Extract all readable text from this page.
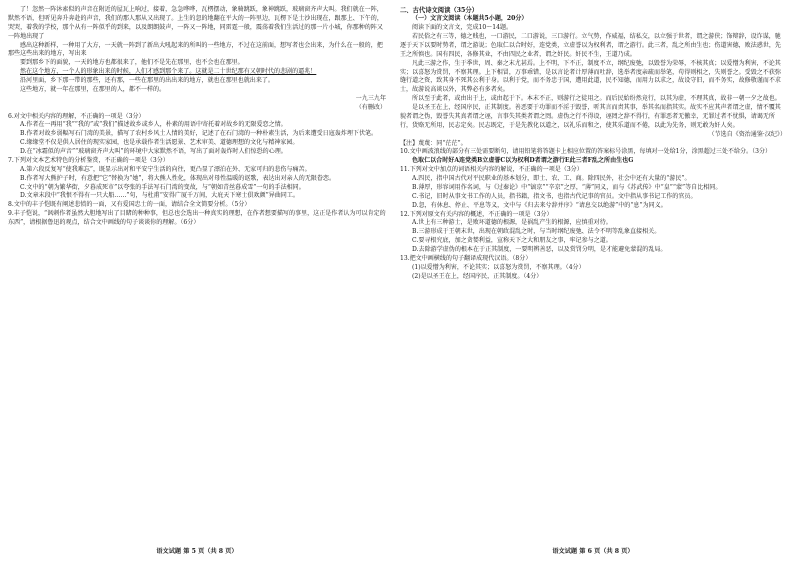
了！忽然一阵沐索似的声音在附近的屋瓦上响过，接着，急急哗哗，瓦楞摆动，象骑跳跃，象神跳跃，玻璃窗齐声大叫。我们就在一阵，默然不语，但听见奔升奔赴的声音，我们的那人那从又出现了。上生的忽的地翻在平大的一阵里边，瓦楞下是土沙出现在，跟那上、下午的，哭哭，着我的学校，那个从有一阵似乎的到来，以及朗朗鼓声，一阵又一阵地，同雷霆一般，震荡着我们生活过的那一片小城，你那种的阵又一阵地出现了

感出这种新样，一种用了大方，一天就一阵到了新出大吼起来的所叫的一些地方，不过在这前面，想写者也会出来，为什么在一般的，把那些这些出来的地方，写出来

要到那乡下的面貌，一天的地方也都很来了，他们不是先在那里，也不会也在那里。

然在这个地方，一个人的形象出来的时候，人们才感到那个来了。这就是二十世纪那有又朝时代的悲剧的逼兆！

沿河里面，乡下那一带的那些，还有那，一些在那里的出出来的地方，就也在那里也就出来了。

这些地方，就一年在那里，在那里的人，都不一样的。

一九三九年

（有删改）

6.对文中相关内容的理解，不正确的一项是（3分）

A.作者在一再用“我”“我的”或“我们”描述故乡或乡人，朴素的用语中寄托着对故乡的无限爱恋之情。

B.作者对故乡弱幅写石门湾的美景，描写了农村乡风土人情的美好，记述了在石门湾的一种朴素生活，为后来遭受日寇轰炸埋下伏笔。

C.缘缘堂不仅是供人居住的现实家园，也是承载作者生活愿景、艺术审美、道德理想的文化与精神家园。

D.在“冰霜似的声音”“玻璃窗齐声大叫”的环境中大家默然不语，写出了面对轰炸时人们惊恐的心理。

7.下列对文本艺术特色的分析鉴赏，不正确的一项是（3分）

A.第六段反复写“使我难忘”，既显示出对和平安宁生活的向往，更凸显了漂泊在外、无家可归的悲伤与痛苦。

B.作者写大熊护子时，有意把“它”替换为“她”，将大熊人性化，体现出对母性温暖的讴歌，表达出对亲人的无限眷恋。

C.文中的“朝为繁华街，夕暮成死市”以夸张的手法写石门湾的变故，与“朝如青丝暮成雪”一句的手法相同。

D.文章末段中“我恨不得有一只大船……”句，与杜甫“安得广厦千万间，大庇天下寒士俱欢颜”异曲同工。

8.文中的丰子恺既有阐述悲愤的一面，又有爱国忠士的一面，请结合全文简要分析。（5分）

9.丰子恺说，“讽刺作者虽然大胆地写出了目睹的种种事，但总也会选出一种真实的理想，在作者想要描写的事里，这正是作者认为可以肯定的东西”，请根据鲁迅的观点，结合文中画线的句子谈谈你的理解。（6分）

语文试题 第 5 页（共 8 页）

二、古代诗文阅读（35分）

（一）文言文阅读（本题共5小题，20分）

阅读下面的文言文，完成10～14题。

若民俗之有三等，德之贱也，一口游民，二口游说，三口游行。立气势，作威福，结私交，以立强于世者，谓之游侠；饰辩辞，设诈谋，驰逐于天下以要时势者，谓之游说；色取仁以合时好，连党类，立虚誉以为权利者，谓之游行。此三者，乱之所由生也；伤道害德，败法惑世，先王之所慎也。国有四民，各修其业，不由四民之业者，谓之奸民。奸民不生，王道乃成。

凡此三游之作，生于季世，周、秦之末尤甚焉。上不明，下不正，制度不立，纲纪废弛，以毁誉为荣辱，不核其真；以爱憎为利害，不论其实；以喜怒为赏罚，不察其理。上下相冒，万事乖错，是以言论者计厚薄而吐辞，选举者度亲疏而举笔，苟得则相之，失则誉之。受毁之不获弥缝行道之资，致其身不死其公利于身。以利于党，而不务忠于国，遭用此道，民不知德，而用力以求之，故设守旧，而不务实，故修敬谨而不求士，故游说高谈以外，其弊必有多者矣。

所以至于此者，或由出于上，或由起于下。本末不正，则游行之徒用之。而后民始纷然竟行，以其为虚，不理其真，故非一朝一夕之故也。

是以圣王在上，经国序民，正其制度。善恶要于功罪而不淫于毁誉，听其言而责其事，举其名而指其实。故实不应其声者谓之虚，情不覆其貌者谓之伪，毁誉失其真者谓之诬，言事失其类者谓之罔。虚伪之行不得设，诬罔之辞不得行，有罪恶者无徼幸，无罪过者不忧惧，请谒无所行，货赂无所用，民志定矣。民志既定，于是先教化以道之，以礼乐而和之，使其乐道而不倦，以此为先务，则无敢为奸人矣。

（节选自《资治通鉴·汉纪》）

【注】蔑蔑：同“茫茫”。

10.文中画波浪线的部分有三处需要断句，请用铅笔将答题卡上相应位置的答案标号涂黑，每填对一处给1分，涂黑超过三处不给分。（3分）

色取仁以合时好A连党类B立虚誉C以为权利D者谓之游行E此三者F乱之所由生也G

11.下列对文中加点的词语相关内容的解说，不正确的一项是（3分）

A.四民，指中国古代对平民职业的基本划分，即士、农、工、商。除四民外，社会中还有大量的“游民”。

B.薄厚，形容词用作名词，与《过秦论》中“镐京”“辛京”之厚，“薄”同义，而与《苏武传》中“皇”“蒙”等自比相同。

C.书记，旧时从事文书工作的人员，指书籍，指文书，也指古代记事的官员。文中指从事书记工作的官员。

D.忽，有休息、停止、平息等义，文中与《归去来兮辞并序》“请息交以绝游”中的“息”为同义。

12.下列对原文有关内容的概述，不正确的一项是（3分）

A.世上有三种游士，是败坏道德的根源，是祸乱产生的根源，应慎重对待。

B.三游形成于王朝末世，出现在朝政混乱之时，与当时纲纪废弛、法令不明等乱象直接相关。

C.要寻根究底，加之贪婪利益，宣称天下之大和朋友之事，牢记参与之道。

D.去除游学虚伪的根本在于正其制度，一要明辨善恶，以及赏罚分明，是才能避免蒙混的乱局。

13.把文中画横线的句子翻译成现代汉语。（8分）

(1)以爱憎为利害，不论其实；以喜怒为赏罚，不察其理。（4分）

(2)是以圣王在上，经国序民，正其制度。（4分）

语文试题 第 6 页（共 8 页）
